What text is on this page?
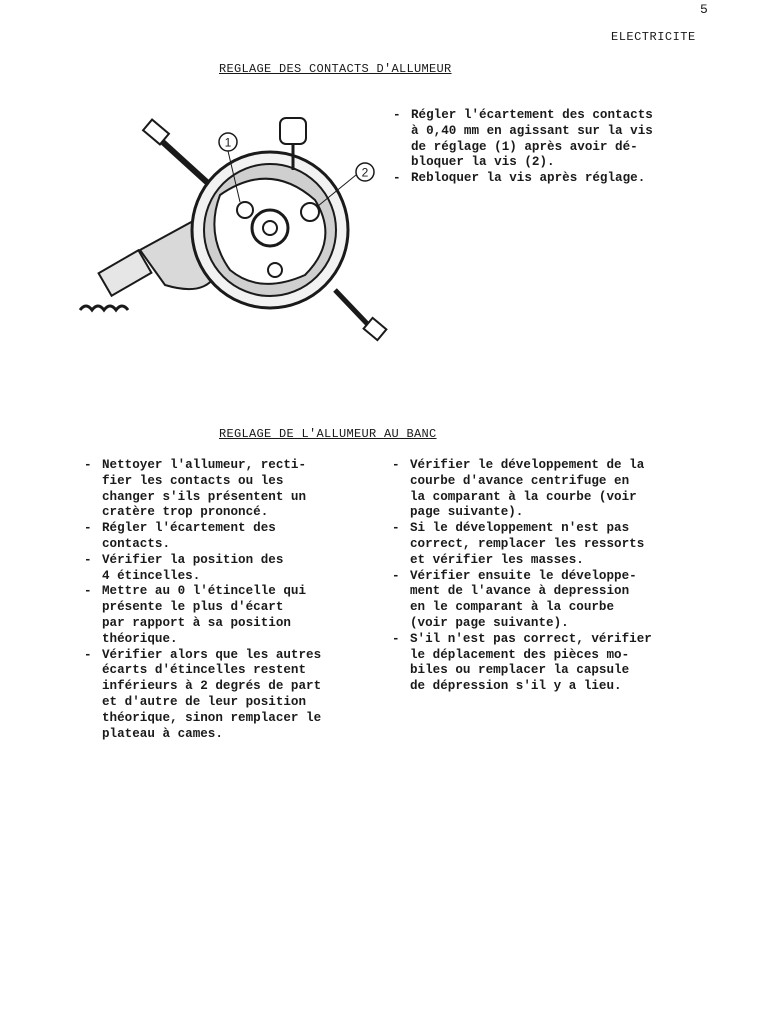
5
ELECTRICITE
REGLAGE DES CONTACTS D'ALLUMEUR
1
2
- Régler l'écartement des contacts
à 0,40 mm en agissant sur la vis
de réglage (1) après avoir dé-
bloquer la vis (2).
- Rebloquer la vis après réglage.
REGLAGE DE L'ALLUMEUR AU BANC
- Nettoyer l'allumeur, recti-
fier les contacts ou les
changer s'ils présentent un
cratère trop prononcé.
- Régler l'écartement des
contacts.
- Vérifier la position des
4 étincelles.
- Mettre au 0 l'étincelle qui
présente le plus d'écart
par rapport à sa position
théorique.
- Vérifier alors que les autres
écarts d'étincelles restent
inférieurs à 2 degrés de part
et d'autre de leur position
théorique, sinon remplacer le
plateau à cames.
- Vérifier le développement de la
courbe d'avance centrifuge en
la comparant à la courbe (voir
page suivante).
- Si le développement n'est pas
correct, remplacer les ressorts
et vérifier les masses.
- Vérifier ensuite le développe-
ment de l'avance à depression
en le comparant à la courbe
(voir page suivante).
- S'il n'est pas correct, vérifier
le déplacement des pièces mo-
biles ou remplacer la capsule
de dépression s'il y a lieu.
